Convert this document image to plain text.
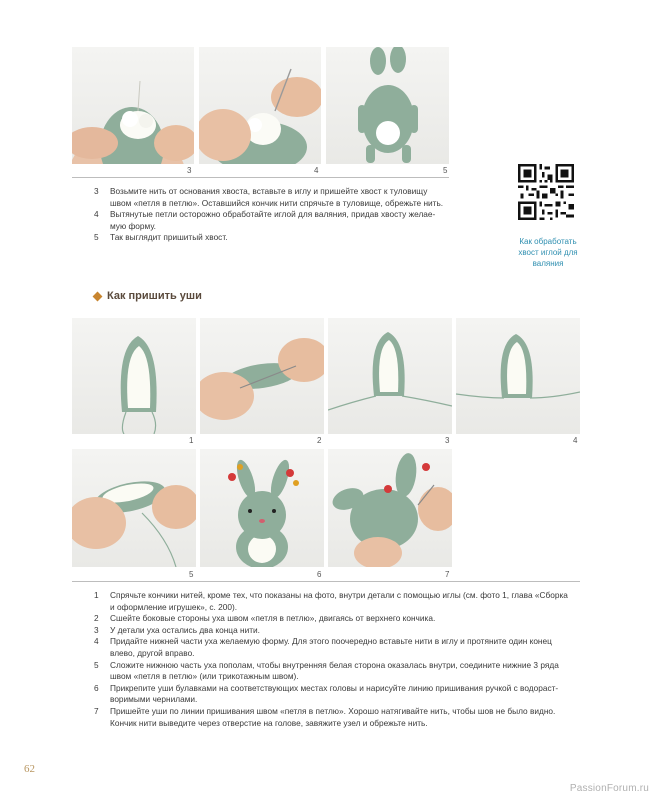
3	4	5
3 Возьмите нить от основания хвоста, вставьте в иглу и пришейте хвост к туловищу
швом «петля в петлю». Оставшийся кончик нити спрячьте в туловище, обрежьте нить.
4 Вытянутые петли осторожно обработайте иглой для валяния, придав хвосту желае-
мую форму.
5 Так выглядит пришитый хвост.	Как обработать
хвост иглой для
валяния
Как пришить уши
1	2	3	4
5	6	7
1 Спрячьте кончики нитей, кроме тех, что показаны на фото, внутри детали с помощью иглы (см. фото 1, глава «Сборка
и оформление игрушек», с. 200).
2 Сшейте боковые стороны уха швом «петля в петлю», двигаясь от верхнего кончика.
3 У детали уха остались два конца нити.
4 Придайте нижней части уха желаемую форму. Для этого поочередно вставьте нити в иглу и протяните один конец
влево, другой вправо.
5 Сложите нижнюю часть уха пополам, чтобы внутренняя белая сторона оказалась внутри, соедините нижние 3 ряда
швом «петля в петлю» (или трикотажным швом).
6 Прикрепите уши булавками на соответствующих местах головы и нарисуйте линию пришивания ручкой с водораст-
воримыми чернилами.
7 Пришейте уши по линии пришивания швом «петля в петлю». Хорошо натягивайте нить, чтобы шов не было видно.
Кончик нити выведите через отверстие на голове, завяжите узел и обрежьте нить.
62
PassionForum.ru
